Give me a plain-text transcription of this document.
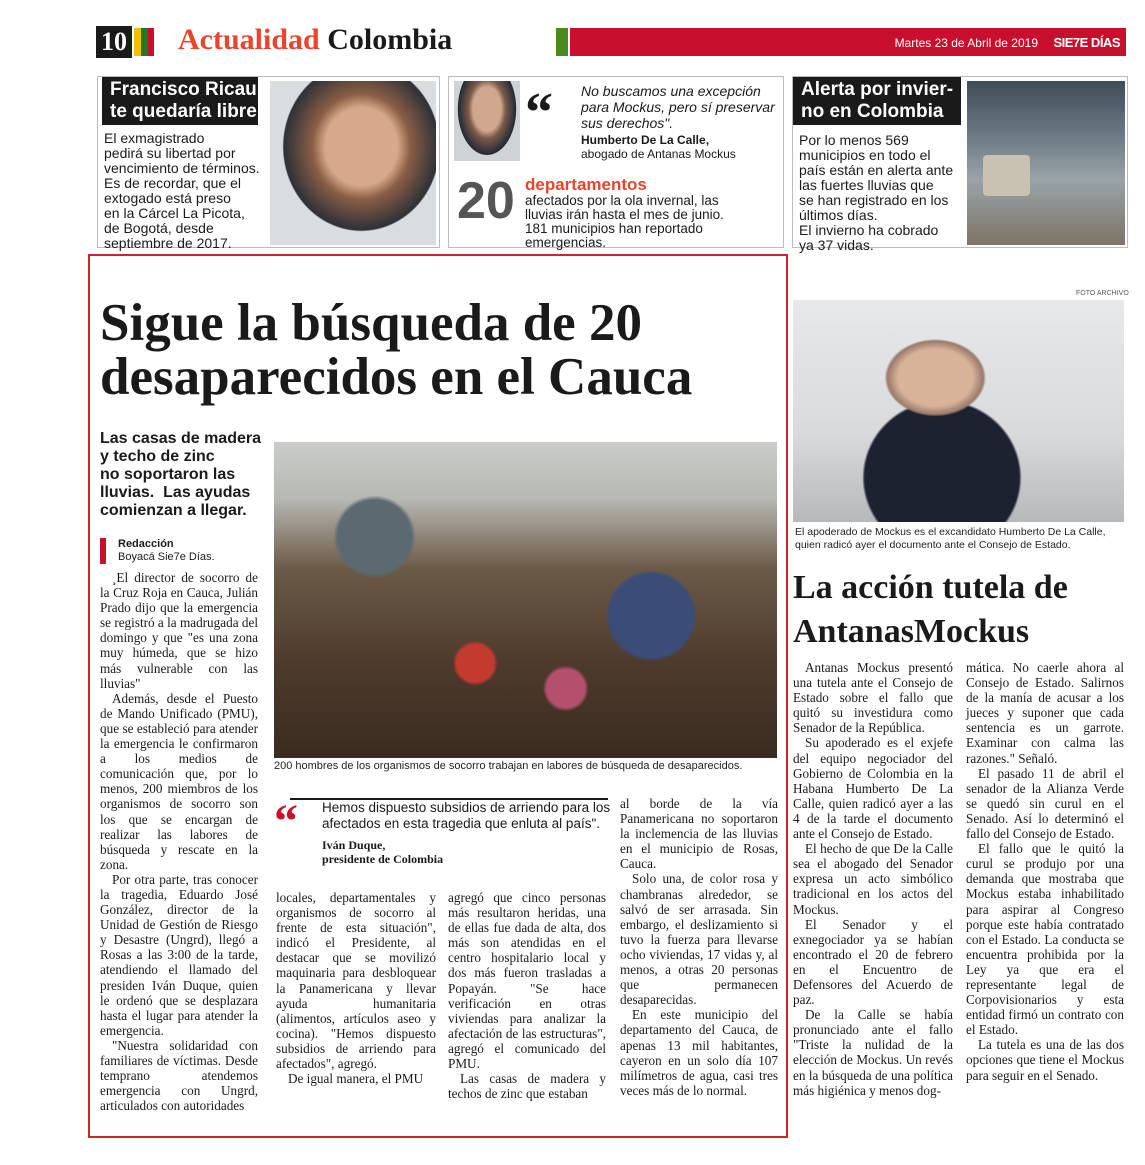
10 Actualidad Colombia	Martes 23 de Abril de 2019 SIE7E DÍAS
Francisco Ricaur-
te quedaría libre
El exmagistrado
pedirá su libertad por
vencimiento de términos.
Es de recordar, que el
extogado está preso
en la Cárcel La Picota,
de Bogotá, desde
septiembre de 2017.
“ No buscamos una excepción
para Mockus, pero sí preservar
sus derechos".
Humberto De La Calle,
abogado de Antanas Mockus
20 departamentos
afectados por la ola invernal, las
lluvias irán hasta el mes de junio.
181 municipios han reportado
emergencias.
Alerta por invier-
no en Colombia
Por lo menos 569
municipios en todo el
país están en alerta ante
las fuertes lluvias que
se han registrado en los
últimos días.
El invierno ha cobrado
ya 37 vidas.
Sigue la búsqueda de 20
desaparecidos en el Cauca
Las casas de madera
y techo de zinc
no soportaron las
lluvias.  Las ayudas
comienzan a llegar.
Redacción
Boyacá Sie7e Días.
200 hombres de los organismos de socorro trabajan en labores de búsqueda de desaparecidos.

¸El director de socorro de la Cruz Roja en Cauca, Julián Prado dijo que la emergencia se registró a la madrugada del domingo y que "es una zona muy húmeda, que se hizo más vulnerable con las lluvias"

Además, desde el Puesto de Mando Unificado (PMU), que se estableció para atender la emergencia le confirmaron a los medios de comunicación que, por lo menos, 200 miembros de los organismos de socorro son los que se encargan de realizar las labores de búsqueda y rescate en la zona.

Por otra parte, tras conocer la tragedia, Eduardo José González, director de la Unidad de Gestión de Riesgo y Desastre (Ungrd), llegó a Rosas a las 3:00 de la tarde, atendiendo el llamado del presiden Iván Duque, quien le ordenó que se desplazara hasta el lugar para atender la emergencia.

"Nuestra solidaridad con familiares de víctimas. Desde temprano atendemos emergencia con Ungrd, articulados con autoridades

“ Hemos dispuesto subsidios de arriendo para los
afectados en esta tragedia que enluta al país".
Iván Duque,
presidente de Colombia

locales, departamentales y organismos de socorro al frente de esta situación", indicó el Presidente, al destacar que se movilizó maquinaria para desbloquear la Panamericana y llevar ayuda humanitaria (alimentos, artículos aseo y cocina). "Hemos dispuesto subsidios de arriendo para afectados", agregó.

De igual manera, el PMU

agregó que cinco personas más resultaron heridas, una de ellas fue dada de alta, dos más son atendidas en el centro hospitalario local y dos más fueron trasladas a Popayán. "Se hace verificación en otras viviendas para analizar la afectación de las estructuras", agregó el comunicado del PMU.

Las casas de madera y techos de zinc que estaban

al borde de la vía Panamericana no soportaron la inclemencia de las lluvias en el municipio de Rosas, Cauca.

Solo una, de color rosa y chambranas alrededor, se salvó de ser arrasada. Sin embargo, el deslizamiento si tuvo la fuerza para llevarse ocho viviendas, 17 vidas y, al menos, a otras 20 personas que permanecen desaparecidas.

En este municipio del departamento del Cauca, de apenas 13 mil habitantes, cayeron en un solo día 107 milímetros de agua, casi tres veces más de lo normal.

FOTO ARCHIVO
El apoderado de Mockus es el excandidato Humberto De La Calle,
quien radicó ayer el documento ante el Consejo de Estado.
La acción tutela de
AntanasMockus

Antanas Mockus presentó una tutela ante el Consejo de Estado sobre el fallo que quitó su investidura como Senador de la República.

Su apoderado es el exjefe del equipo negociador del Gobierno de Colombia en la Habana Humberto De La Calle, quien radicó ayer a las 4 de la tarde el documento ante el Consejo de Estado.

El hecho de que De la Calle sea el abogado del Senador expresa un acto simbólico tradicional en los actos del Mockus.

El Senador y el exnegociador ya se habían encontrado el 20 de febrero en el Encuentro de Defensores del Acuerdo de paz.

De la Calle se había pronunciado ante el fallo "Triste la nulidad de la elección de Mockus. Un revés en la búsqueda de una política más higiénica y menos dog-

mática. No caerle ahora al Consejo de Estado. Salirnos de la manía de acusar a los jueces y suponer que cada sentencia es un garrote. Examinar con calma las razones." Señaló.

El pasado 11 de abril el senador de la Alianza Verde se quedó sin curul en el Senado. Así lo determinó el fallo del Consejo de Estado.

El fallo que le quitó la curul se produjo por una demanda que mostraba que Mockus estaba inhabilitado para aspirar al Congreso porque este había contratado con el Estado. La conducta se encuentra prohibida por la Ley ya que era el representante legal de Corpovisionarios y esta entidad firmó un contrato con el Estado.

La tutela es una de las dos opciones que tiene el Mockus para seguir en el Senado.
